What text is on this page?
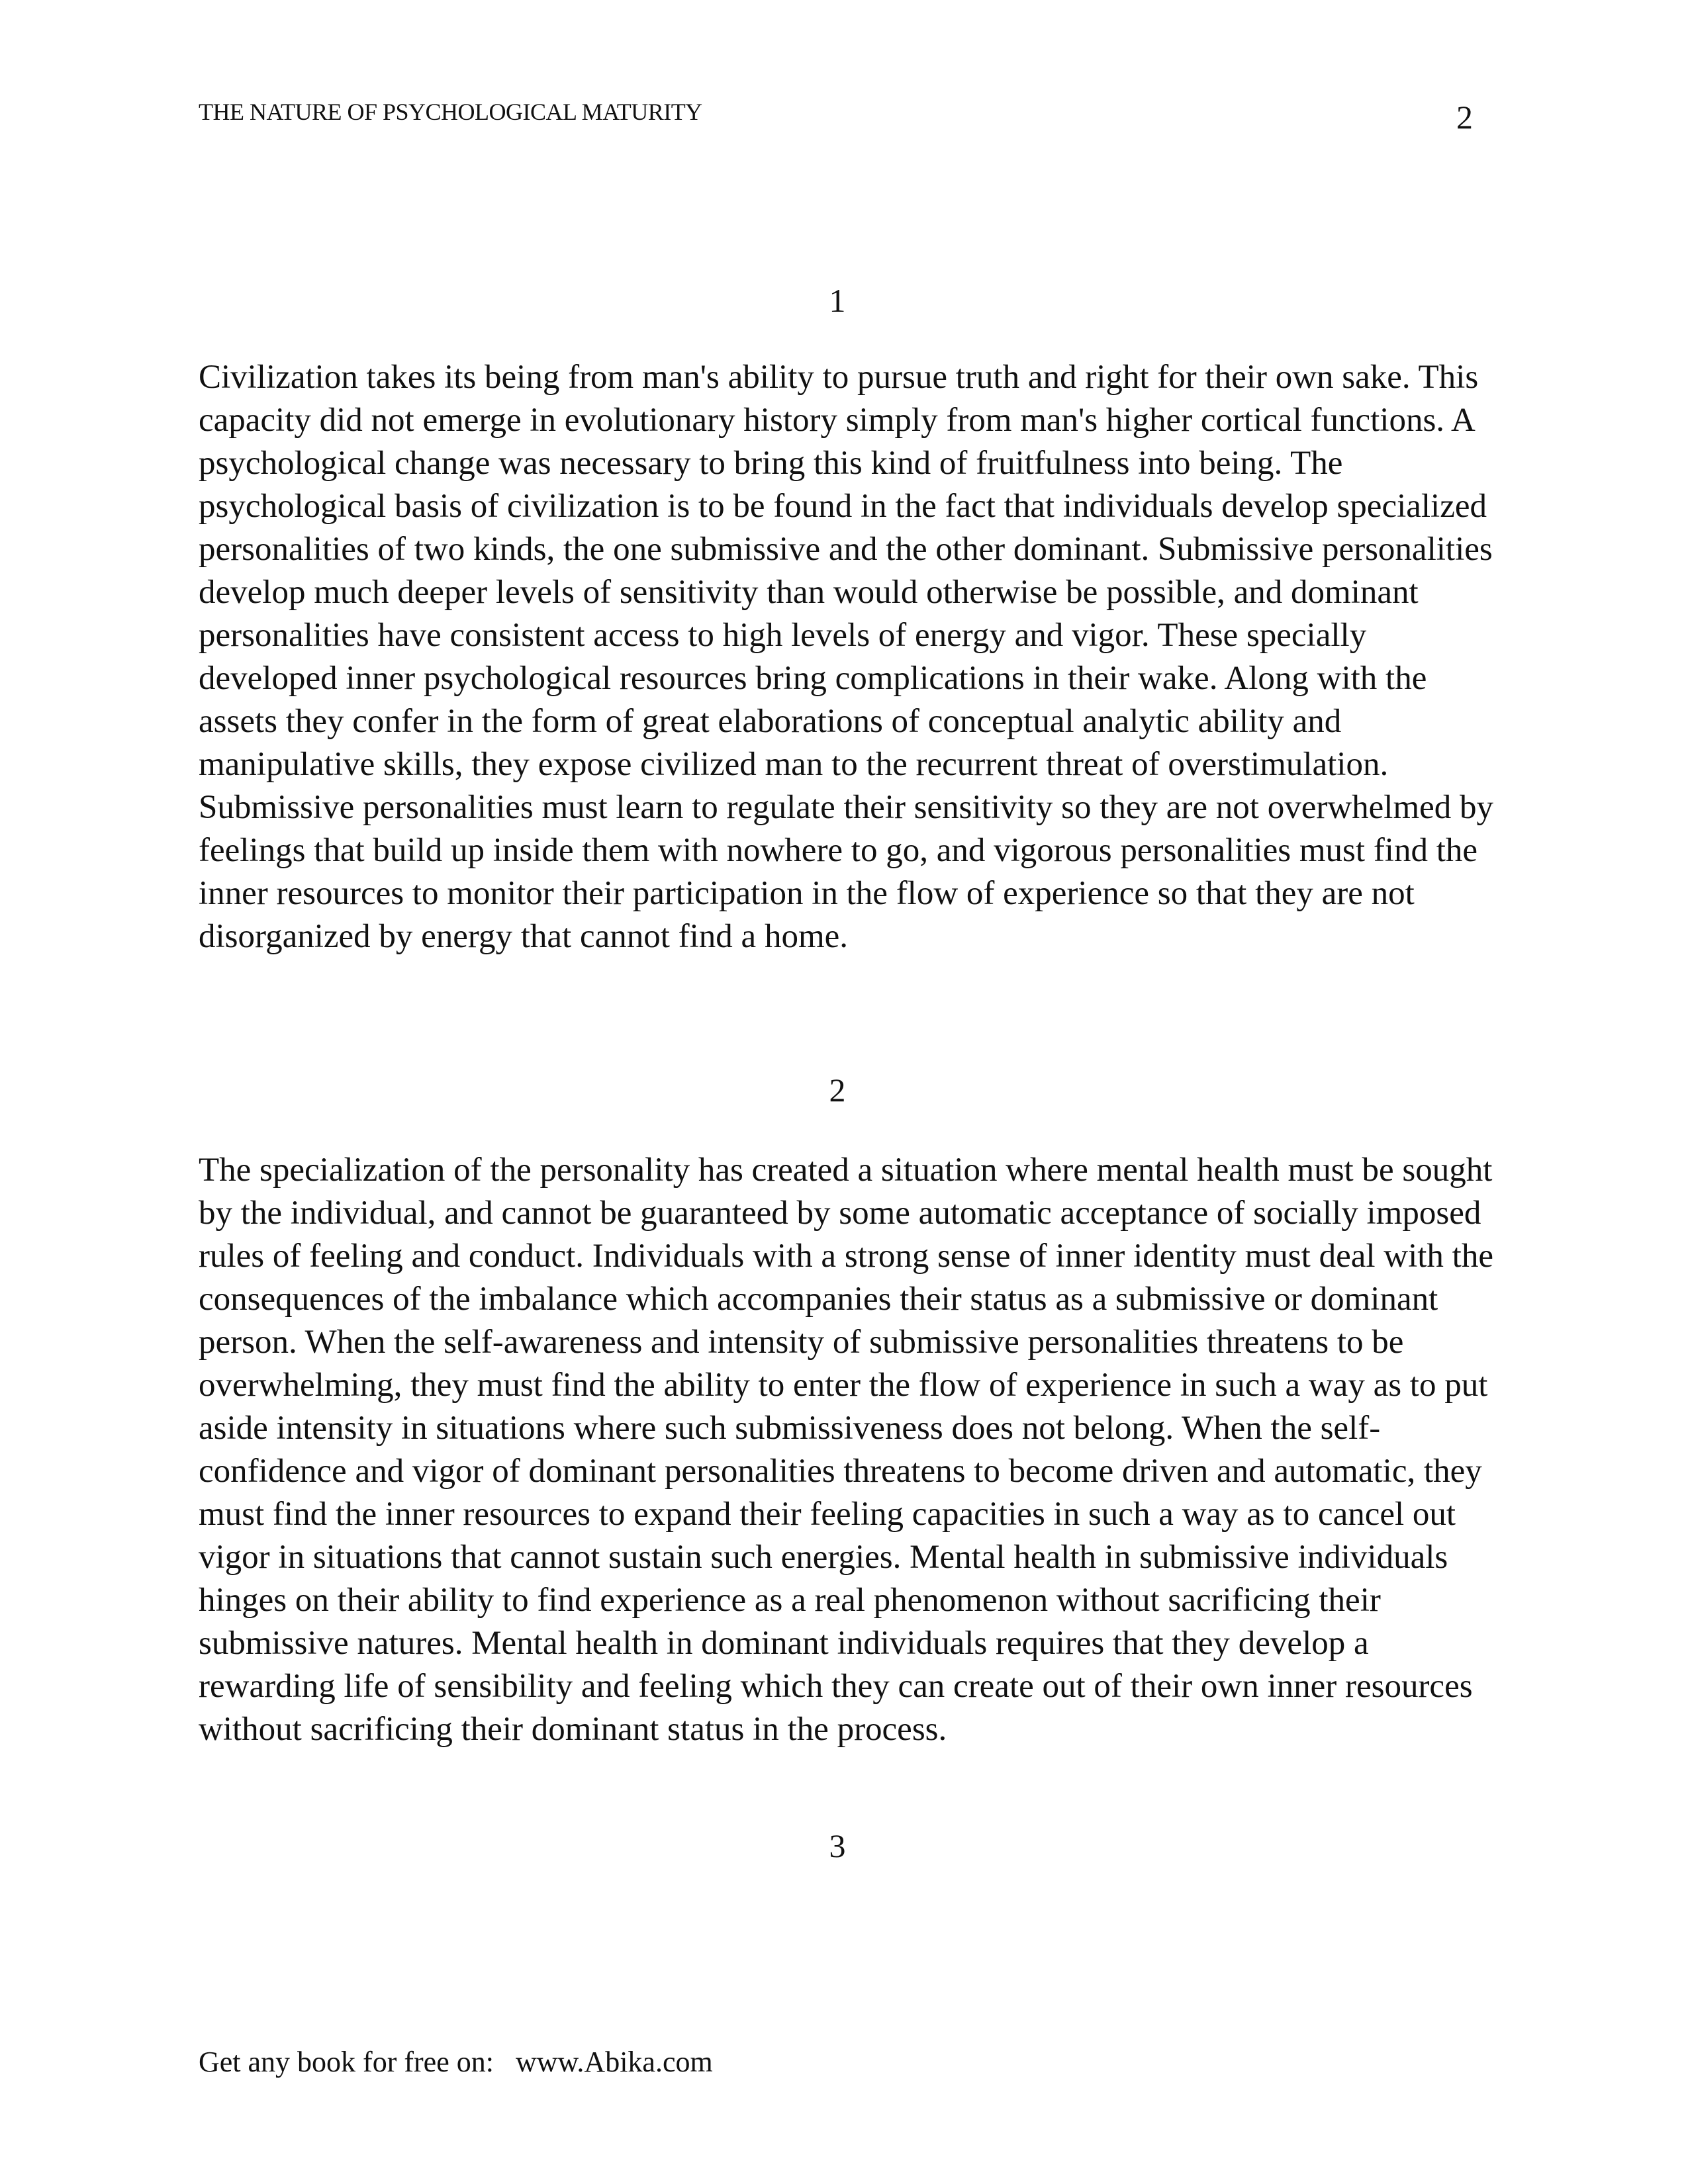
THE NATURE OF PSYCHOLOGICAL MATURITY	2
1

Civilization takes its being from man's ability to pursue truth and right for their own sake. This capacity did not emerge in evolutionary history simply from man's higher cortical functions. A psychological change was necessary to bring this kind of fruitfulness into being. The psychological basis of civilization is to be found in the fact that individuals develop specialized personalities of two kinds, the one submissive and the other dominant. Submissive personalities develop much deeper levels of sensitivity than would otherwise be possible, and dominant personalities have consistent access to high levels of energy and vigor. These specially developed inner psychological resources bring complications in their wake. Along with the assets they confer in the form of great elaborations of conceptual analytic ability and manipulative skills, they expose civilized man to the recurrent threat of overstimulation. Submissive personalities must learn to regulate their sensitivity so they are not overwhelmed by feelings that build up inside them with nowhere to go, and vigorous personalities must find the inner resources to monitor their participation in the flow of experience so that they are not disorganized by energy that cannot find a home.

2

The specialization of the personality has created a situation where mental health must be sought by the individual, and cannot be guaranteed by some automatic acceptance of socially imposed rules of feeling and conduct. Individuals with a strong sense of inner identity must deal with the consequences of the imbalance which accompanies their status as a submissive or dominant person. When the self-awareness and intensity of submissive personalities threatens to be overwhelming, they must find the ability to enter the flow of experience in such a way as to put aside intensity in situations where such submissiveness does not belong. When the self-confidence and vigor of dominant personalities threatens to become driven and automatic, they must find the inner resources to expand their feeling capacities in such a way as to cancel out vigor in situations that cannot sustain such energies. Mental health in submissive individuals hinges on their ability to find experience as a real phenomenon without sacrificing their submissive natures. Mental health in dominant individuals requires that they develop a rewarding life of sensibility and feeling which they can create out of their own inner resources without sacrificing their dominant status in the process.

3
Get any book for free on:   www.Abika.com
